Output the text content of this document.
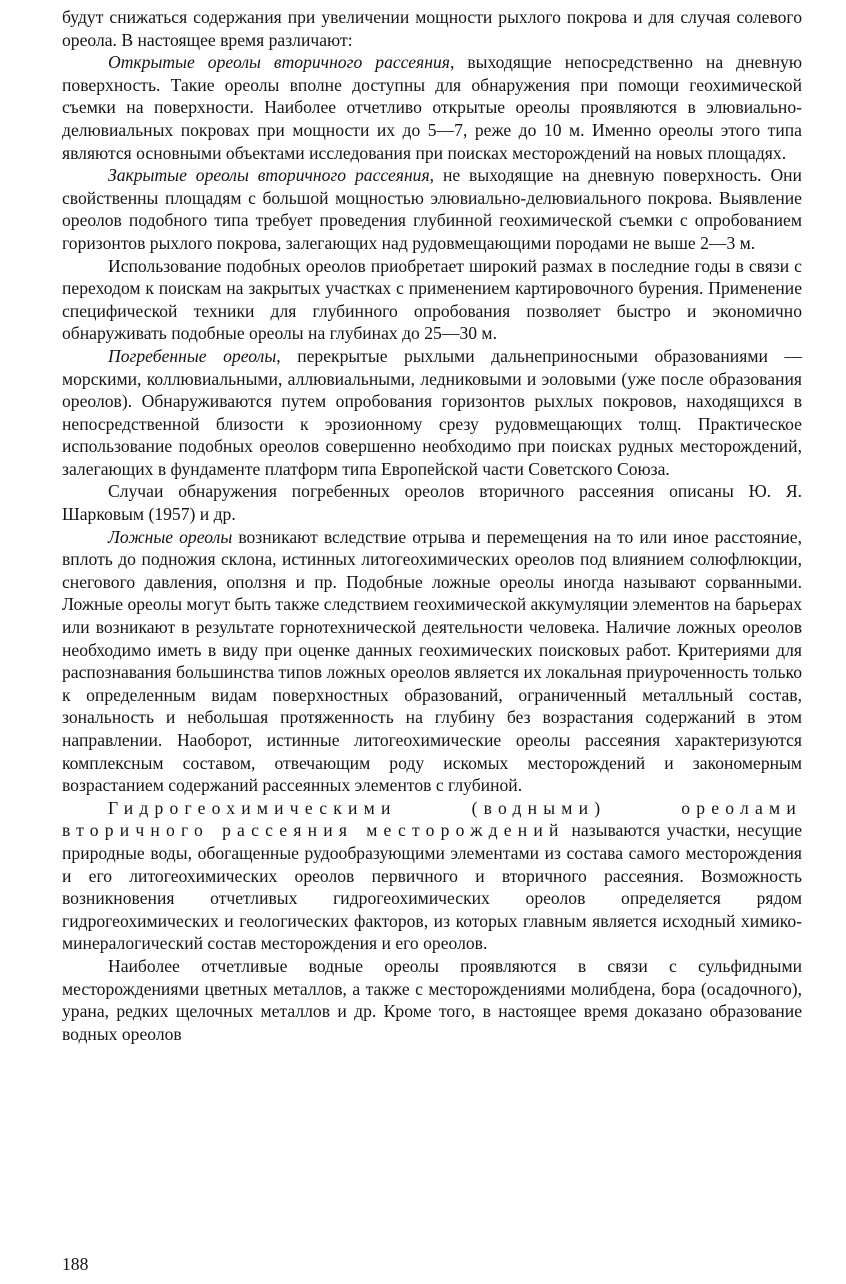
будут снижаться содержания при увеличении мощности рыхлого покрова и для случая солевого ореола. В настоящее время различают:

Открытые ореолы вторичного рассеяния, выходящие непосредственно на дневную поверхность. Такие ореолы вполне доступны для обнаружения при помощи геохимической съемки на поверхности. Наиболее отчетливо открытые ореолы проявляются в элювиально-делювиальных покровах при мощности их до 5—7, реже до 10 м. Именно ореолы этого типа являются основными объектами исследования при поисках месторождений на новых площадях.

Закрытые ореолы вторичного рассеяния, не выходящие на дневную поверхность. Они свойственны площадям с большой мощностью элювиально-делювиального покрова. Выявление ореолов подобного типа требует проведения глубинной геохимической съемки с опробованием горизонтов рыхлого покрова, залегающих над рудовмещающими породами не выше 2—3 м.

Использование подобных ореолов приобретает широкий размах в последние годы в связи с переходом к поискам на закрытых участках с применением картировочного бурения. Применение специфической техники для глубинного опробования позволяет быстро и экономично обнаруживать подобные ореолы на глубинах до 25—30 м.

Погребенные ореолы, перекрытые рыхлыми дальнеприносными образованиями — морскими, коллювиальными, аллювиальными, ледниковыми и эоловыми (уже после образования ореолов). Обнаруживаются путем опробования горизонтов рыхлых покровов, находящихся в непосредственной близости к эрозионному срезу рудовмещающих толщ. Практическое использование подобных ореолов совершенно необходимо при поисках рудных месторождений, залегающих в фундаменте платформ типа Европейской части Советского Союза.

Случаи обнаружения погребенных ореолов вторичного рассеяния описаны Ю. Я. Шарковым (1957) и др.

Ложные ореолы возникают вследствие отрыва и перемещения на то или иное расстояние, вплоть до подножия склона, истинных литогеохимических ореолов под влиянием солюфлюкции, снегового давления, оползня и пр. Подобные ложные ореолы иногда называют сорванными. Ложные ореолы могут быть также следствием геохимической аккумуляции элементов на барьерах или возникают в результате горнотехнической деятельности человека. Наличие ложных ореолов необходимо иметь в виду при оценке данных геохимических поисковых работ. Критериями для распознавания большинства типов ложных ореолов является их локальная приуроченность только к определенным видам поверхностных образований, ограниченный металльный состав, зональность и небольшая протяженность на глубину без возрастания содержаний в этом направлении. Наоборот, истинные литогеохимические ореолы рассеяния характеризуются комплексным составом, отвечающим роду искомых месторождений и закономерным возрастанием содержаний рассеянных элементов с глубиной.

Гидрогеохимическими (водными) ореолами вторичного рассеяния месторождений называются участки, несущие природные воды, обогащенные рудообразующими элементами из состава самого месторождения и его литогеохимических ореолов первичного и вторичного рассеяния. Возможность возникновения отчетливых гидрогеохимических ореолов определяется рядом гидрогеохимических и геологических факторов, из которых главным является исходный химико-минералогический состав месторождения и его ореолов.

Наиболее отчетливые водные ореолы проявляются в связи с сульфидными месторождениями цветных металлов, а также с месторождениями молибдена, бора (осадочного), урана, редких щелочных металлов и др. Кроме того, в настоящее время доказано образование водных ореолов

188
